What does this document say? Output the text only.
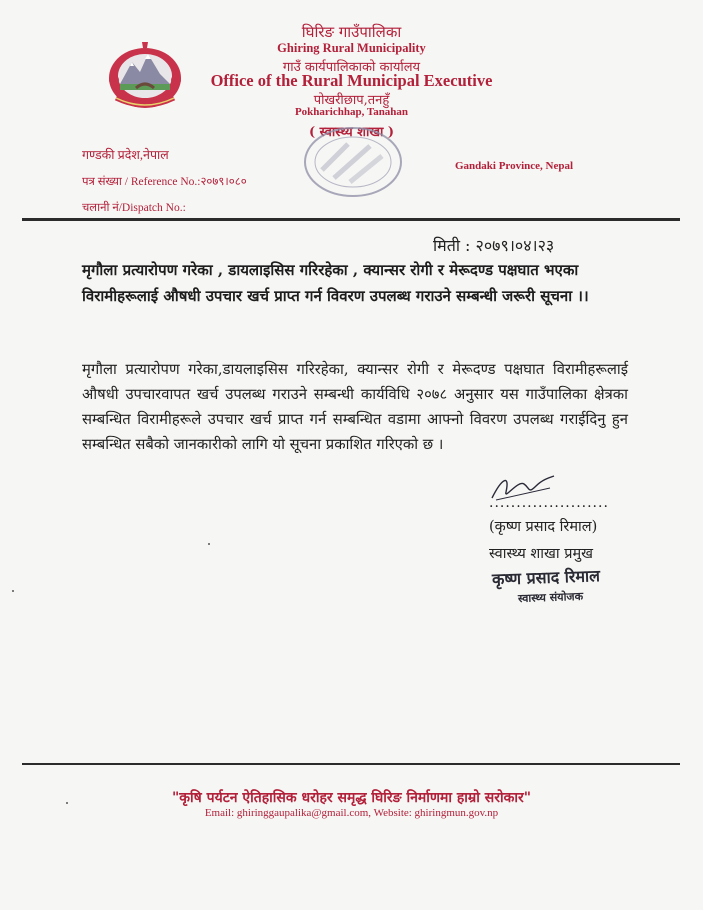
घिरिङ गाउँपालिका
Ghiring Rural Municipality
गाउँ कार्यपालिकाको कार्यालय
Office of the Rural Municipal Executive
पोखरीछाप,तनहुँ
Pokharichhap, Tanahan
( स्वास्थ्य शाखा )
गण्डकी प्रदेश,नेपाल
पत्र संख्या / Reference No.:२०७९।०८०
चलानी नं/Dispatch No.:
Gandaki Province, Nepal
मिती : २०७९।०४।२३
मृगौला प्रत्यारोपण गरेका , डायलाइसिस गरिरहेका , क्यान्सर रोगी र मेरूदण्ड पक्षघात भएका विरामीहरूलाई औषधी उपचार खर्च प्राप्त गर्न विवरण उपलब्ध गराउने सम्बन्धी जरूरी सूचना ।।
मृगौला प्रत्यारोपण गरेका,डायलाइसिस गरिरहेका, क्यान्सर रोगी र मेरूदण्ड पक्षघात विरामीहरूलाई औषधी उपचारवापत खर्च उपलब्ध गराउने सम्बन्धी कार्यविधि २०७८ अनुसार यस गाउँपालिका क्षेत्रका सम्बन्धित विरामीहरूले उपचार खर्च प्राप्त गर्न सम्बन्धित वडामा आफ्नो विवरण उपलब्ध गराईदिनु हुन सम्बन्धित सबैको जानकारीको लागि यो सूचना प्रकाशित गरिएको छ ।
......................
(कृष्ण प्रसाद रिमाल)
स्वास्थ्य शाखा प्रमुख
कृष्ण प्रसाद रिमाल
स्वास्थ्य संयोजक
"कृषि पर्यटन ऐतिहासिक धरोहर समृद्ध घिरिङ निर्माणमा हाम्रो सरोकार"
Email: ghiringgaupalika@gmail.com, Website: ghiringmun.gov.np
